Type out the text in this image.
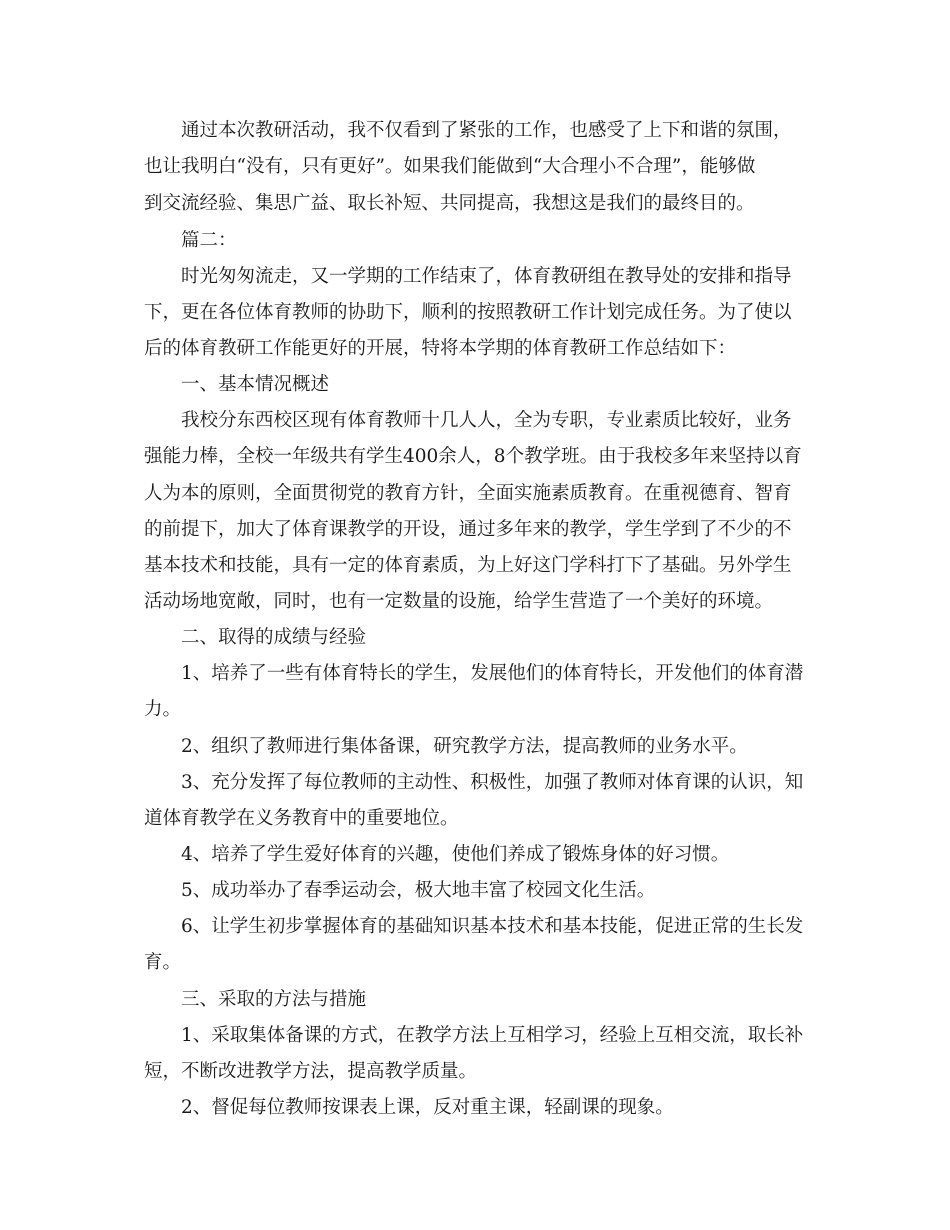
通过本次教研活动，我不仅看到了紧张的工作，也感受了上下和谐的氛围，
也让我明白“没有，只有更好”。如果我们能做到“大合理小不合理”，能够做
到交流经验、集思广益、取长补短、共同提高，我想这是我们的最终目的。
篇二：
时光匆匆流走，又一学期的工作结束了，体育教研组在教导处的安排和指导
下，更在各位体育教师的协助下，顺利的按照教研工作计划完成任务。为了使以
后的体育教研工作能更好的开展，特将本学期的体育教研工作总结如下：
一、基本情况概述
我校分东西校区现有体育教师十几人人，全为专职，专业素质比较好，业务
强能力棒，全校一年级共有学生400余人，8个教学班。由于我校多年来坚持以育
人为本的原则，全面贯彻党的教育方针，全面实施素质教育。在重视德育、智育
的前提下，加大了体育课教学的开设，通过多年来的教学，学生学到了不少的不
基本技术和技能，具有一定的体育素质，为上好这门学科打下了基础。另外学生
活动场地宽敞，同时，也有一定数量的设施，给学生营造了一个美好的环境。
二、取得的成绩与经验
1、培养了一些有体育特长的学生，发展他们的体育特长，开发他们的体育潜
力。
2、组织了教师进行集体备课，研究教学方法，提高教师的业务水平。
3、充分发挥了每位教师的主动性、积极性，加强了教师对体育课的认识，知
道体育教学在义务教育中的重要地位。
4、培养了学生爱好体育的兴趣，使他们养成了锻炼身体的好习惯。
5、成功举办了春季运动会，极大地丰富了校园文化生活。
6、让学生初步掌握体育的基础知识基本技术和基本技能，促进正常的生长发
育。
三、采取的方法与措施
1、采取集体备课的方式，在教学方法上互相学习，经验上互相交流，取长补
短，不断改进教学方法，提高教学质量。
2、督促每位教师按课表上课，反对重主课，轻副课的现象。
